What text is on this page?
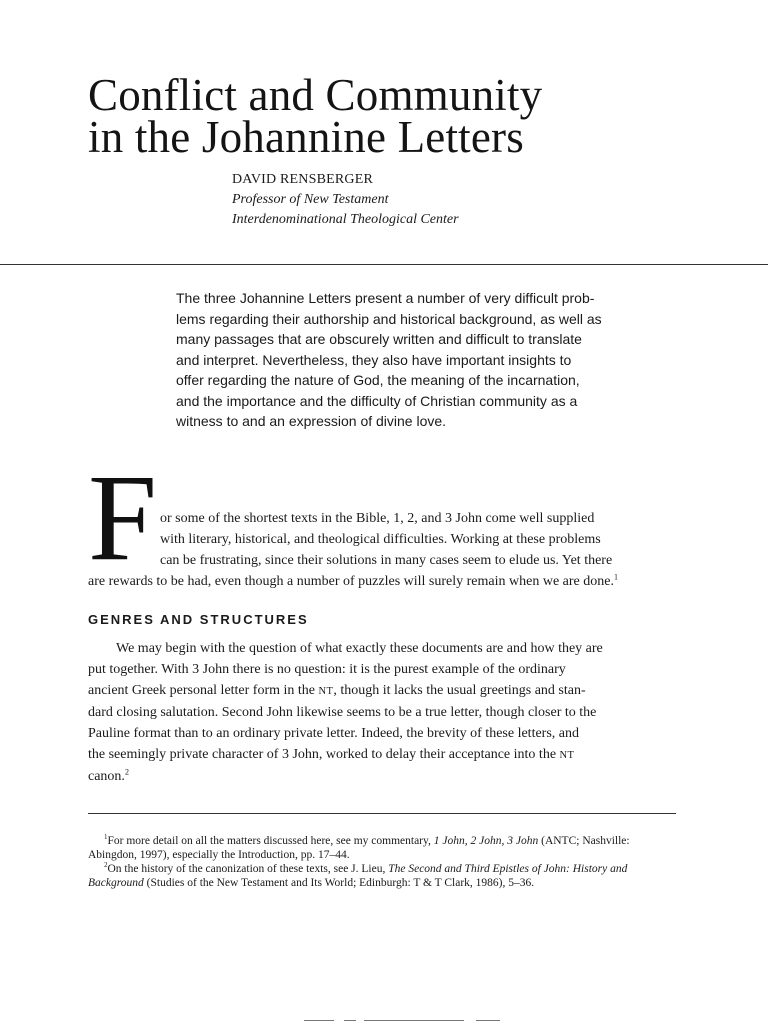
Conflict and Community
in the Johannine Letters
DAVID RENSBERGER
Professor of New Testament
Interdenominational Theological Center

The three Johannine Letters present a number of very difficult prob-
lems regarding their authorship and historical background, as well as
many passages that are obscurely written and difficult to translate
and interpret. Nevertheless, they also have important insights to
offer regarding the nature of God, the meaning of the incarnation,
and the importance and the difficulty of Christian community as a
witness to and an expression of divine love.

F or some of the shortest texts in the Bible, 1, 2, and 3 John come well supplied
with literary, historical, and theological difficulties. Working at these problems
can be frustrating, since their solutions in many cases seem to elude us. Yet there
are rewards to be had, even though a number of puzzles will surely remain when we are done.$^1$

GENRES AND STRUCTURES

We may begin with the question of what exactly these documents are and how they are
put together. With 3 John there is no question: it is the purest example of the ordinary
ancient Greek personal letter form in the NT, though it lacks the usual greetings and stan-
dard closing salutation. Second John likewise seems to be a true letter, though closer to the
Pauline format than to an ordinary private letter. Indeed, the brevity of these letters, and
the seemingly private character of 3 John, worked to delay their acceptance into the NT
canon.$^2$

$^1$For more detail on all the matters discussed here, see my commentary, 1 John, 2 John, 3 John (ANTC; Nashville: Abingdon, 1997), especially the Introduction, pp. 17–44.

$^2$On the history of the canonization of these texts, see J. Lieu, The Second and Third Epistles of John: History and Background (Studies of the New Testament and Its World; Edinburgh: T & T Clark, 1986), 5–36.
